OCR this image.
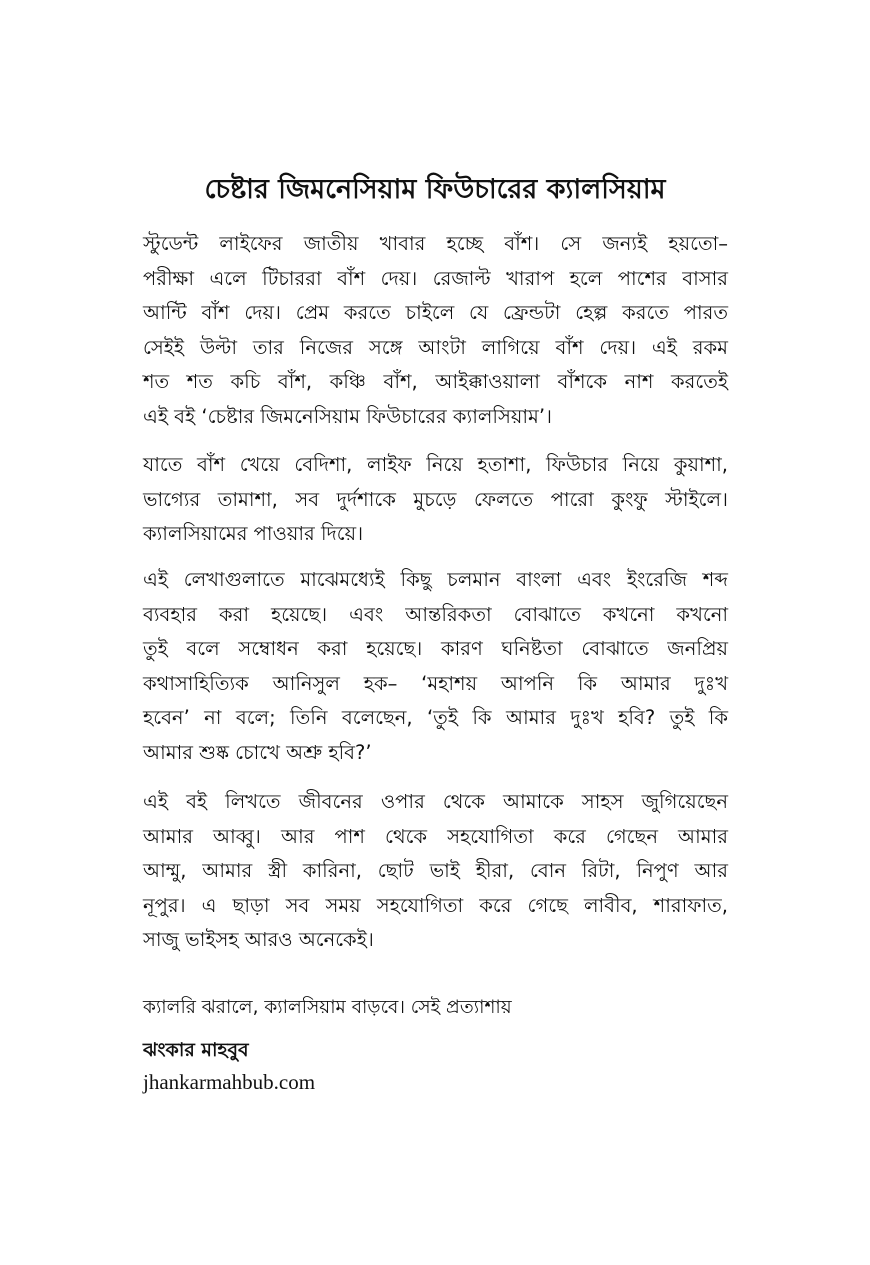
চেষ্টার জিমনেসিয়াম ফিউচারের ক্যালসিয়াম
স্টুডেন্ট লাইফের জাতীয় খাবার হচ্ছে বাঁশ। সে জন্যই হয়তো–
পরীক্ষা এলে টিচাররা বাঁশ দেয়। রেজাল্ট খারাপ হলে পাশের বাসার
আন্টি বাঁশ দেয়। প্রেম করতে চাইলে যে ফ্রেন্ডটা হেল্প করতে পারত
সেইই উল্টা তার নিজের সঙ্গে আংটা লাগিয়ে বাঁশ দেয়। এই রকম
শত শত কচি বাঁশ, কঞ্চি বাঁশ, আইক্কাওয়ালা বাঁশকে নাশ করতেই
এই বই ‘চেষ্টার জিমনেসিয়াম ফিউচারের ক্যালসিয়াম’।
যাতে বাঁশ খেয়ে বেদিশা, লাইফ নিয়ে হতাশা, ফিউচার নিয়ে কুয়াশা,
ভাগ্যের তামাশা, সব দুর্দশাকে মুচড়ে ফেলতে পারো কুংফু স্টাইলে।
ক্যালসিয়ামের পাওয়ার দিয়ে।
এই লেখাগুলাতে মাঝেমধ্যেই কিছু চলমান বাংলা এবং ইংরেজি শব্দ
ব্যবহার করা হয়েছে। এবং আন্তরিকতা বোঝাতে কখনো কখনো
তুই বলে সম্বোধন করা হয়েছে। কারণ ঘনিষ্টতা বোঝাতে জনপ্রিয়
কথাসাহিত্যিক আনিসুল হক– ‘মহাশয় আপনি কি আমার দুঃখ
হবেন’ না বলে; তিনি বলেছেন, ‘তুই কি আমার দুঃখ হবি? তুই কি
আমার শুষ্ক চোখে অশ্রু হবি?’
এই বই লিখতে জীবনের ওপার থেকে আমাকে সাহস জুগিয়েছেন
আমার আব্বু। আর পাশ থেকে সহযোগিতা করে গেছেন আমার
আম্মু, আমার স্ত্রী কারিনা, ছোট ভাই হীরা, বোন রিটা, নিপুণ আর
নূপুর। এ ছাড়া সব সময় সহযোগিতা করে গেছে লাবীব, শারাফাত,
সাজু ভাইসহ আরও অনেকেই।
ক্যালরি ঝরালে, ক্যালসিয়াম বাড়বে। সেই প্রত্যাশায়
ঝংকার মাহবুব
jhankarmahbub.com
